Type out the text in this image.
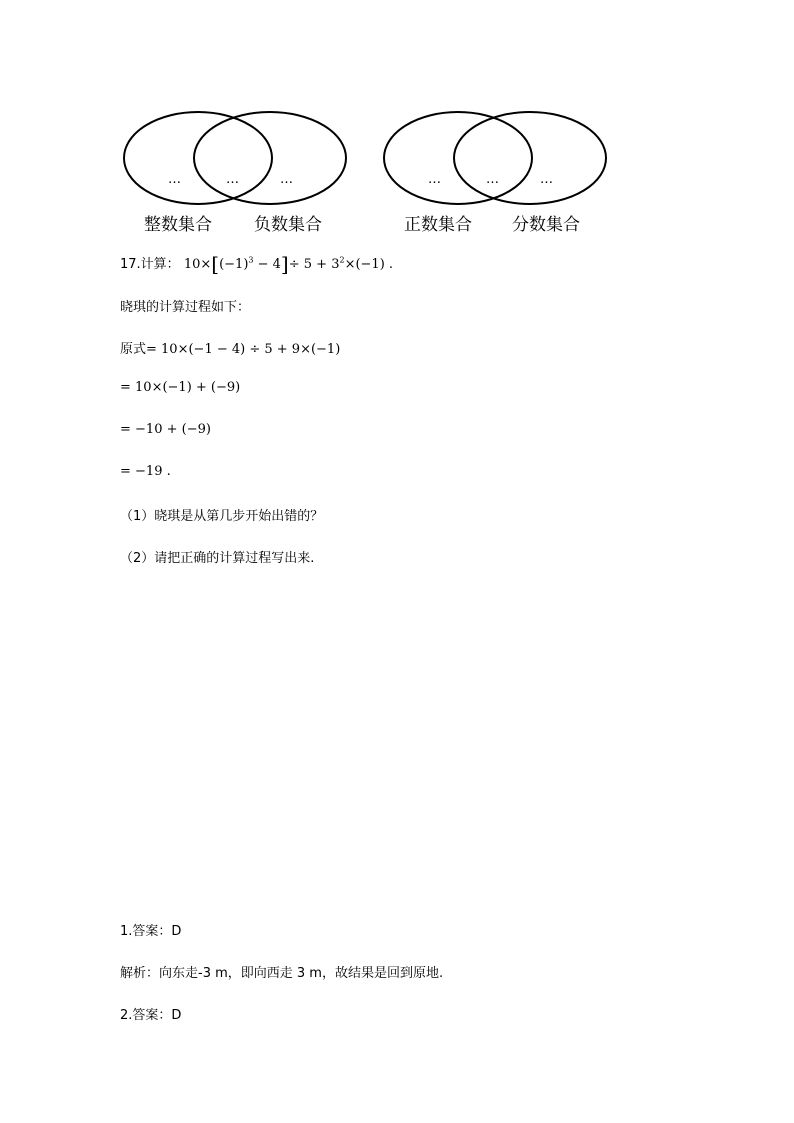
…	…	…
整数集合 负数集合
…	…	…
正数集合 分数集合
17.计算： $10\times[(-1)^3 - 4]\div 5 + 3^2\times(-1)$ .
晓琪的计算过程如下：
原式= 10×(−1 − 4) ÷ 5 + 9×(−1)
= 10×(−1) + (−9)
= −10 + (−9)
= −19 .
（1）晓琪是从第几步开始出错的？
（2）请把正确的计算过程写出来.
1.答案：D
解析：向东走-3 m，即向西走 3 m，故结果是回到原地.
2.答案：D
